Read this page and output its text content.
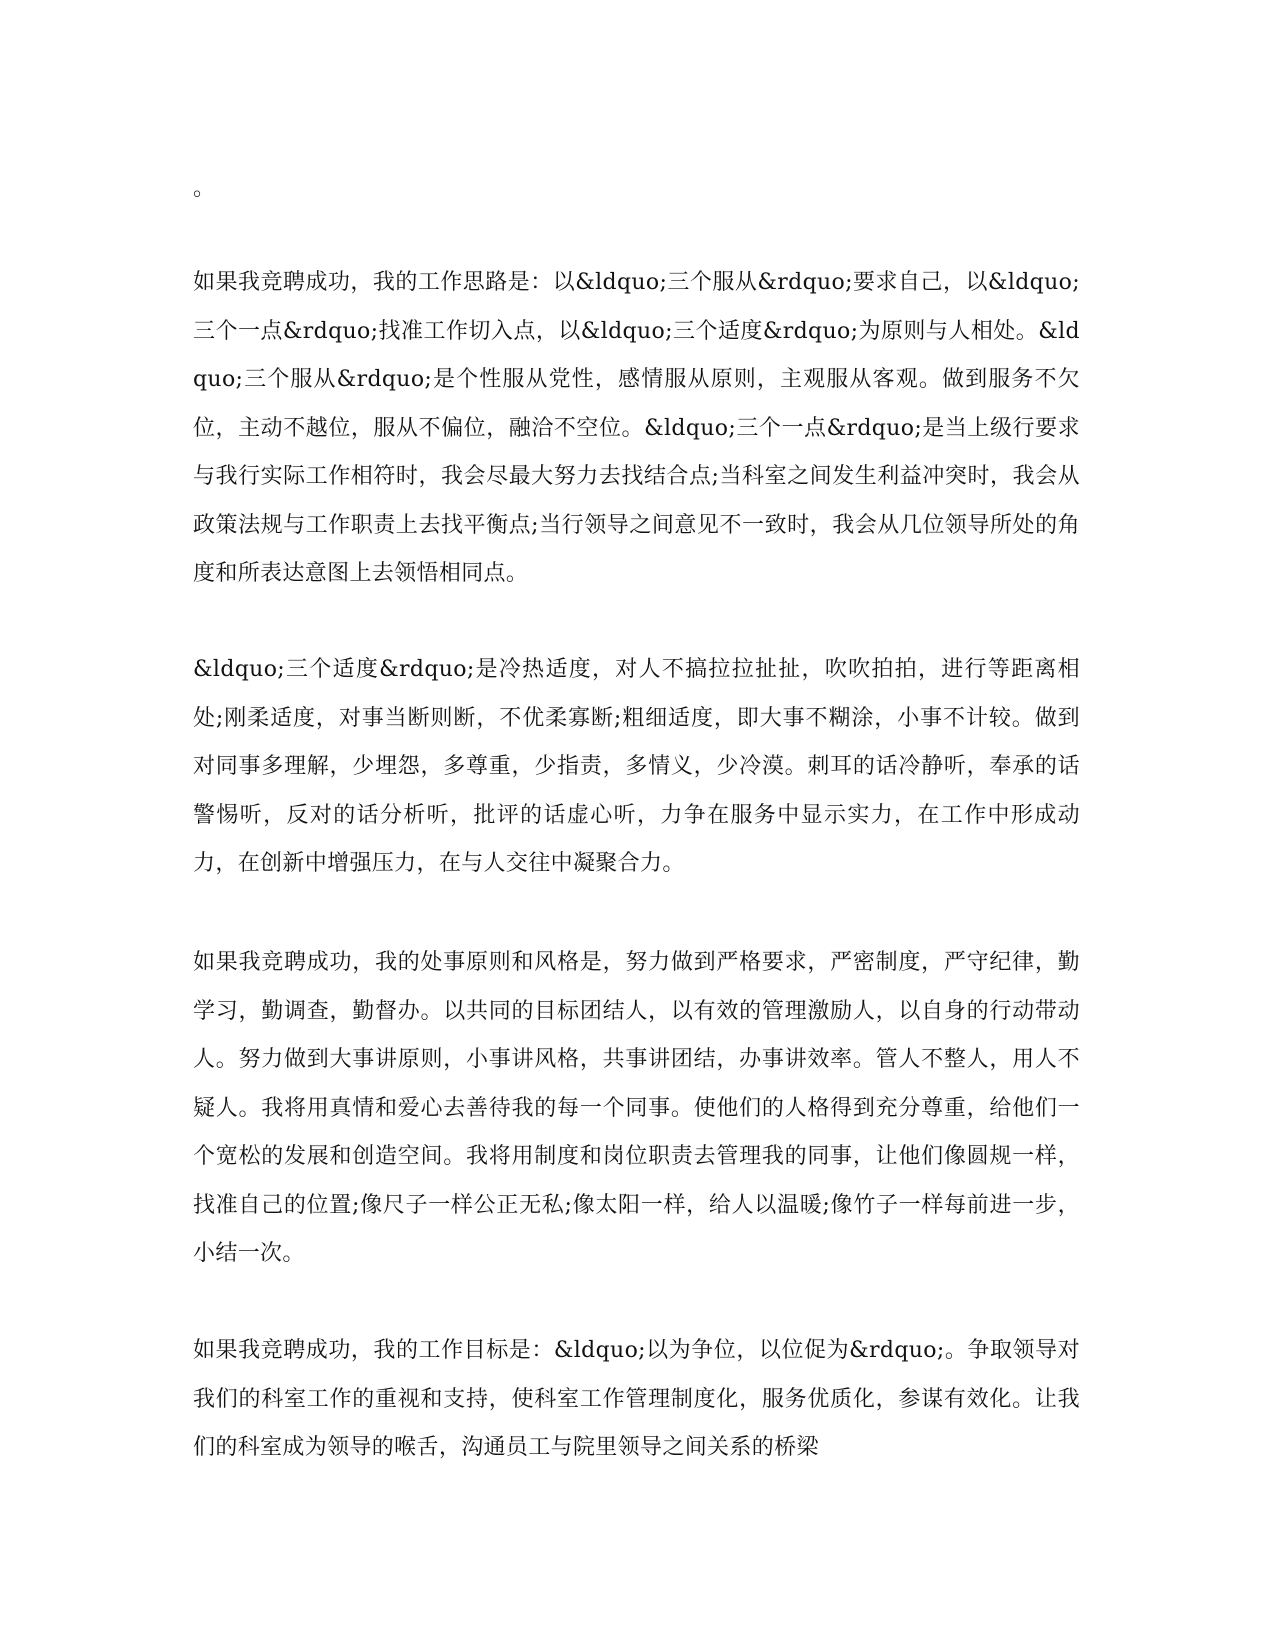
。

如果我竞聘成功，我的工作思路是：以&ldquo;三个服从&rdquo;要求自己，以&ldquo;三个一点&rdquo;找准工作切入点，以&ldquo;三个适度&rdquo;为原则与人相处。&ldquo;三个服从&rdquo;是个性服从党性，感情服从原则，主观服从客观。做到服务不欠位，主动不越位，服从不偏位，融洽不空位。&ldquo;三个一点&rdquo;是当上级行要求与我行实际工作相符时，我会尽最大努力去找结合点;当科室之间发生利益冲突时，我会从政策法规与工作职责上去找平衡点;当行领导之间意见不一致时，我会从几位领导所处的角度和所表达意图上去领悟相同点。

&ldquo;三个适度&rdquo;是冷热适度，对人不搞拉拉扯扯，吹吹拍拍，进行等距离相处;刚柔适度，对事当断则断，不优柔寡断;粗细适度，即大事不糊涂，小事不计较。做到对同事多理解，少埋怨，多尊重，少指责，多情义，少冷漠。刺耳的话冷静听，奉承的话警惕听，反对的话分析听，批评的话虚心听，力争在服务中显示实力，在工作中形成动力，在创新中增强压力，在与人交往中凝聚合力。

如果我竞聘成功，我的处事原则和风格是，努力做到严格要求，严密制度，严守纪律，勤学习，勤调查，勤督办。以共同的目标团结人，以有效的管理激励人，以自身的行动带动人。努力做到大事讲原则，小事讲风格，共事讲团结，办事讲效率。管人不整人，用人不疑人。我将用真情和爱心去善待我的每一个同事。使他们的人格得到充分尊重，给他们一个宽松的发展和创造空间。我将用制度和岗位职责去管理我的同事，让他们像圆规一样，找准自己的位置;像尺子一样公正无私;像太阳一样，给人以温暖;像竹子一样每前进一步，小结一次。

如果我竞聘成功，我的工作目标是：&ldquo;以为争位，以位促为&rdquo;。争取领导对我们的科室工作的重视和支持，使科室工作管理制度化，服务优质化，参谋有效化。让我们的科室成为领导的喉舌，沟通员工与院里领导之间关系的桥梁
